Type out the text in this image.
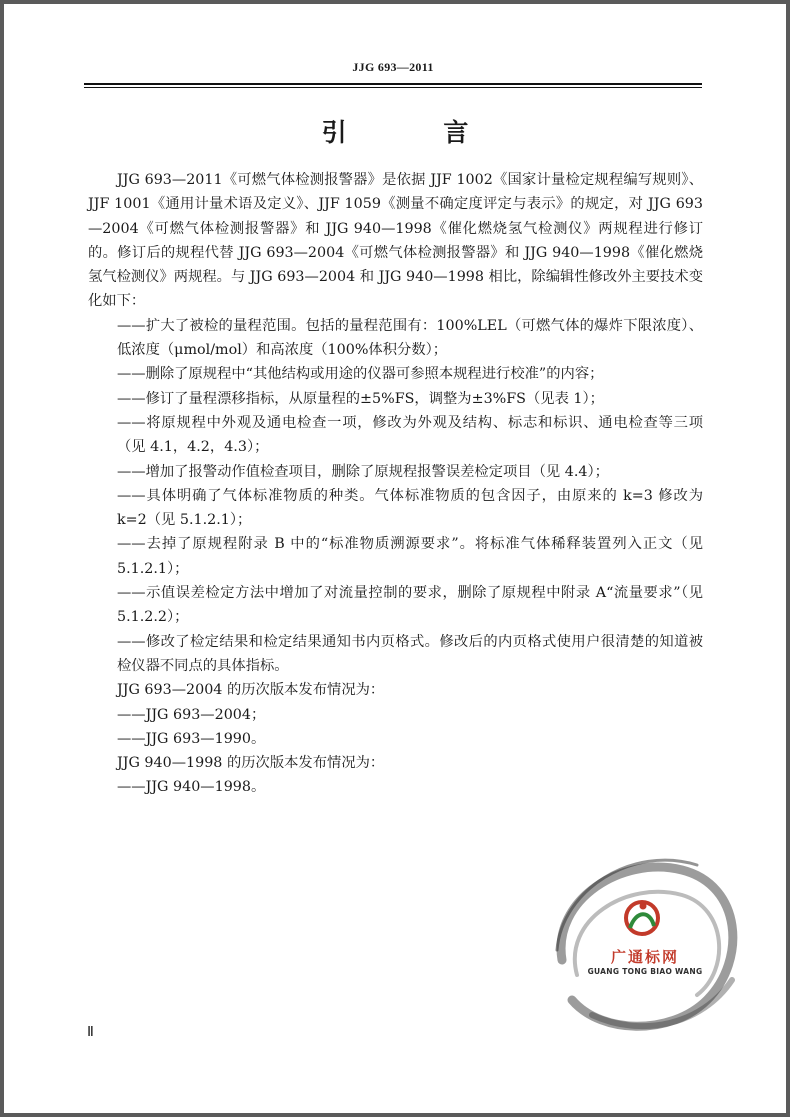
JJG 693—2011
引 言

JJG 693—2011《可燃气体检测报警器》是依据 JJF 1002《国家计量检定规程编写规则》、JJF 1001《通用计量术语及定义》、JJF 1059《测量不确定度评定与表示》的规定，对 JJG 693—2004《可燃气体检测报警器》和 JJG 940—1998《催化燃烧氢气检测仪》两规程进行修订的。修订后的规程代替 JJG 693—2004《可燃气体检测报警器》和 JJG 940—1998《催化燃烧氢气检测仪》两规程。与 JJG 693—2004 和 JJG 940—1998 相比，除编辑性修改外主要技术变化如下：

——扩大了被检的量程范围。包括的量程范围有：100%LEL（可燃气体的爆炸下限浓度）、低浓度（μmol/mol）和高浓度（100%体积分数）；

——删除了原规程中“其他结构或用途的仪器可参照本规程进行校准”的内容；

——修订了量程漂移指标，从原量程的±5%FS，调整为±3%FS（见表 1）；

——将原规程中外观及通电检查一项，修改为外观及结构、标志和标识、通电检查等三项（见 4.1，4.2，4.3）；

——增加了报警动作值检查项目，删除了原规程报警误差检定项目（见 4.4）；

——具体明确了气体标准物质的种类。气体标准物质的包含因子，由原来的 k=3 修改为 k=2（见 5.1.2.1）；

——去掉了原规程附录 B 中的“标准物质溯源要求”。将标准气体稀释装置列入正文（见 5.1.2.1）；

——示值误差检定方法中增加了对流量控制的要求，删除了原规程中附录 A“流量要求”（见 5.1.2.2）；

——修改了检定结果和检定结果通知书内页格式。修改后的内页格式使用户很清楚的知道被检仪器不同点的具体指标。

JJG 693—2004 的历次版本发布情况为：

——JJG 693—2004；

——JJG 693—1990。

JJG 940—1998 的历次版本发布情况为：

——JJG 940—1998。

广通标网
GUANG TONG BIAO WANG
Ⅱ
